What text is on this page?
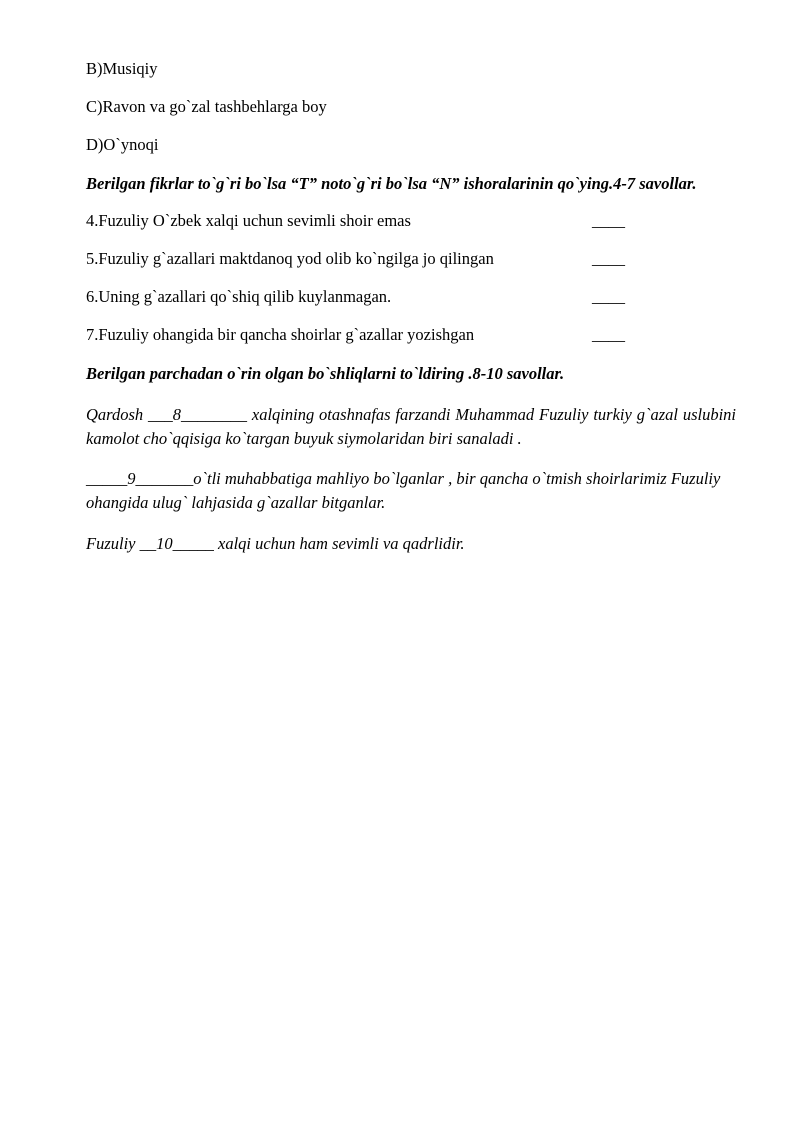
B)Musiqiy

C)Ravon va go`zal tashbehlarga boy

D)O`ynoqi

Berilgan fikrlar to`g`ri bo`lsa “T” noto`g`ri bo`lsa “N” ishoralarinin qo`ying.4-7 savollar.

4.Fuzuliy O`zbek xalqi uchun sevimli shoir emas	____
5.Fuzuliy g`azallari maktdanoq yod olib ko`ngilga jo qilingan	____
6.Uning g`azallari qo`shiq qilib kuylanmagan.	____
7.Fuzuliy ohangida bir qancha shoirlar g`azallar yozishgan	____

Berilgan parchadan o`rin olgan bo`shliqlarni to`ldiring .8-10 savollar.

Qardosh ___8________ xalqining otashnafas farzandi Muhammad Fuzuliy turkiy g`azal uslubini kamolot cho`qqisiga ko`targan buyuk siymolaridan biri sanaladi .

_____9_______o`tli muhabbatiga mahliyo bo`lganlar , bir qancha o`tmish shoirlarimiz Fuzuliy ohangida ulug` lahjasida g`azallar bitganlar.

Fuzuliy __10_____ xalqi uchun ham sevimli va qadrlidir.
